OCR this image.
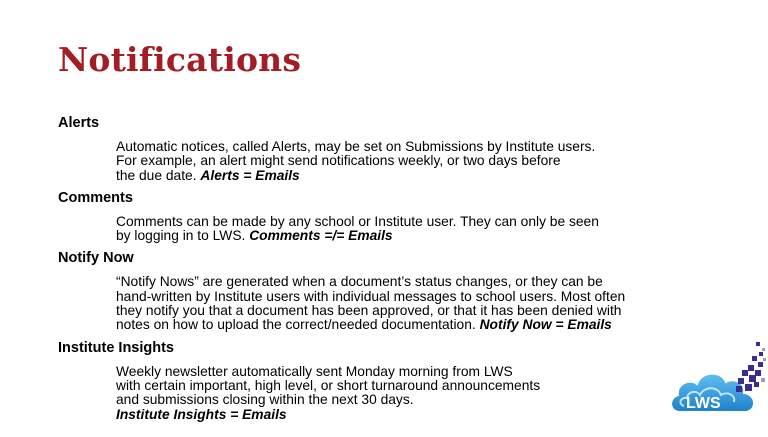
Notifications
Alerts
Automatic notices, called Alerts, may be set on Submissions by Institute users.
For example, an alert might send notifications weekly, or two days before
the due date. Alerts = Emails
Comments
Comments can be made by any school or Institute user. They can only be seen
by logging in to LWS. Comments =/= Emails
Notify Now
“Notify Nows” are generated when a document’s status changes, or they can be
hand-written by Institute users with individual messages to school users. Most often
they notify you that a document has been approved, or that it has been denied with
notes on how to upload the correct/needed documentation. Notify Now = Emails
Institute Insights
Weekly newsletter automatically sent Monday morning from LWS
with certain important, high level, or short turnaround announcements
and submissions closing within the next 30 days.
Institute Insights = Emails
LWS
